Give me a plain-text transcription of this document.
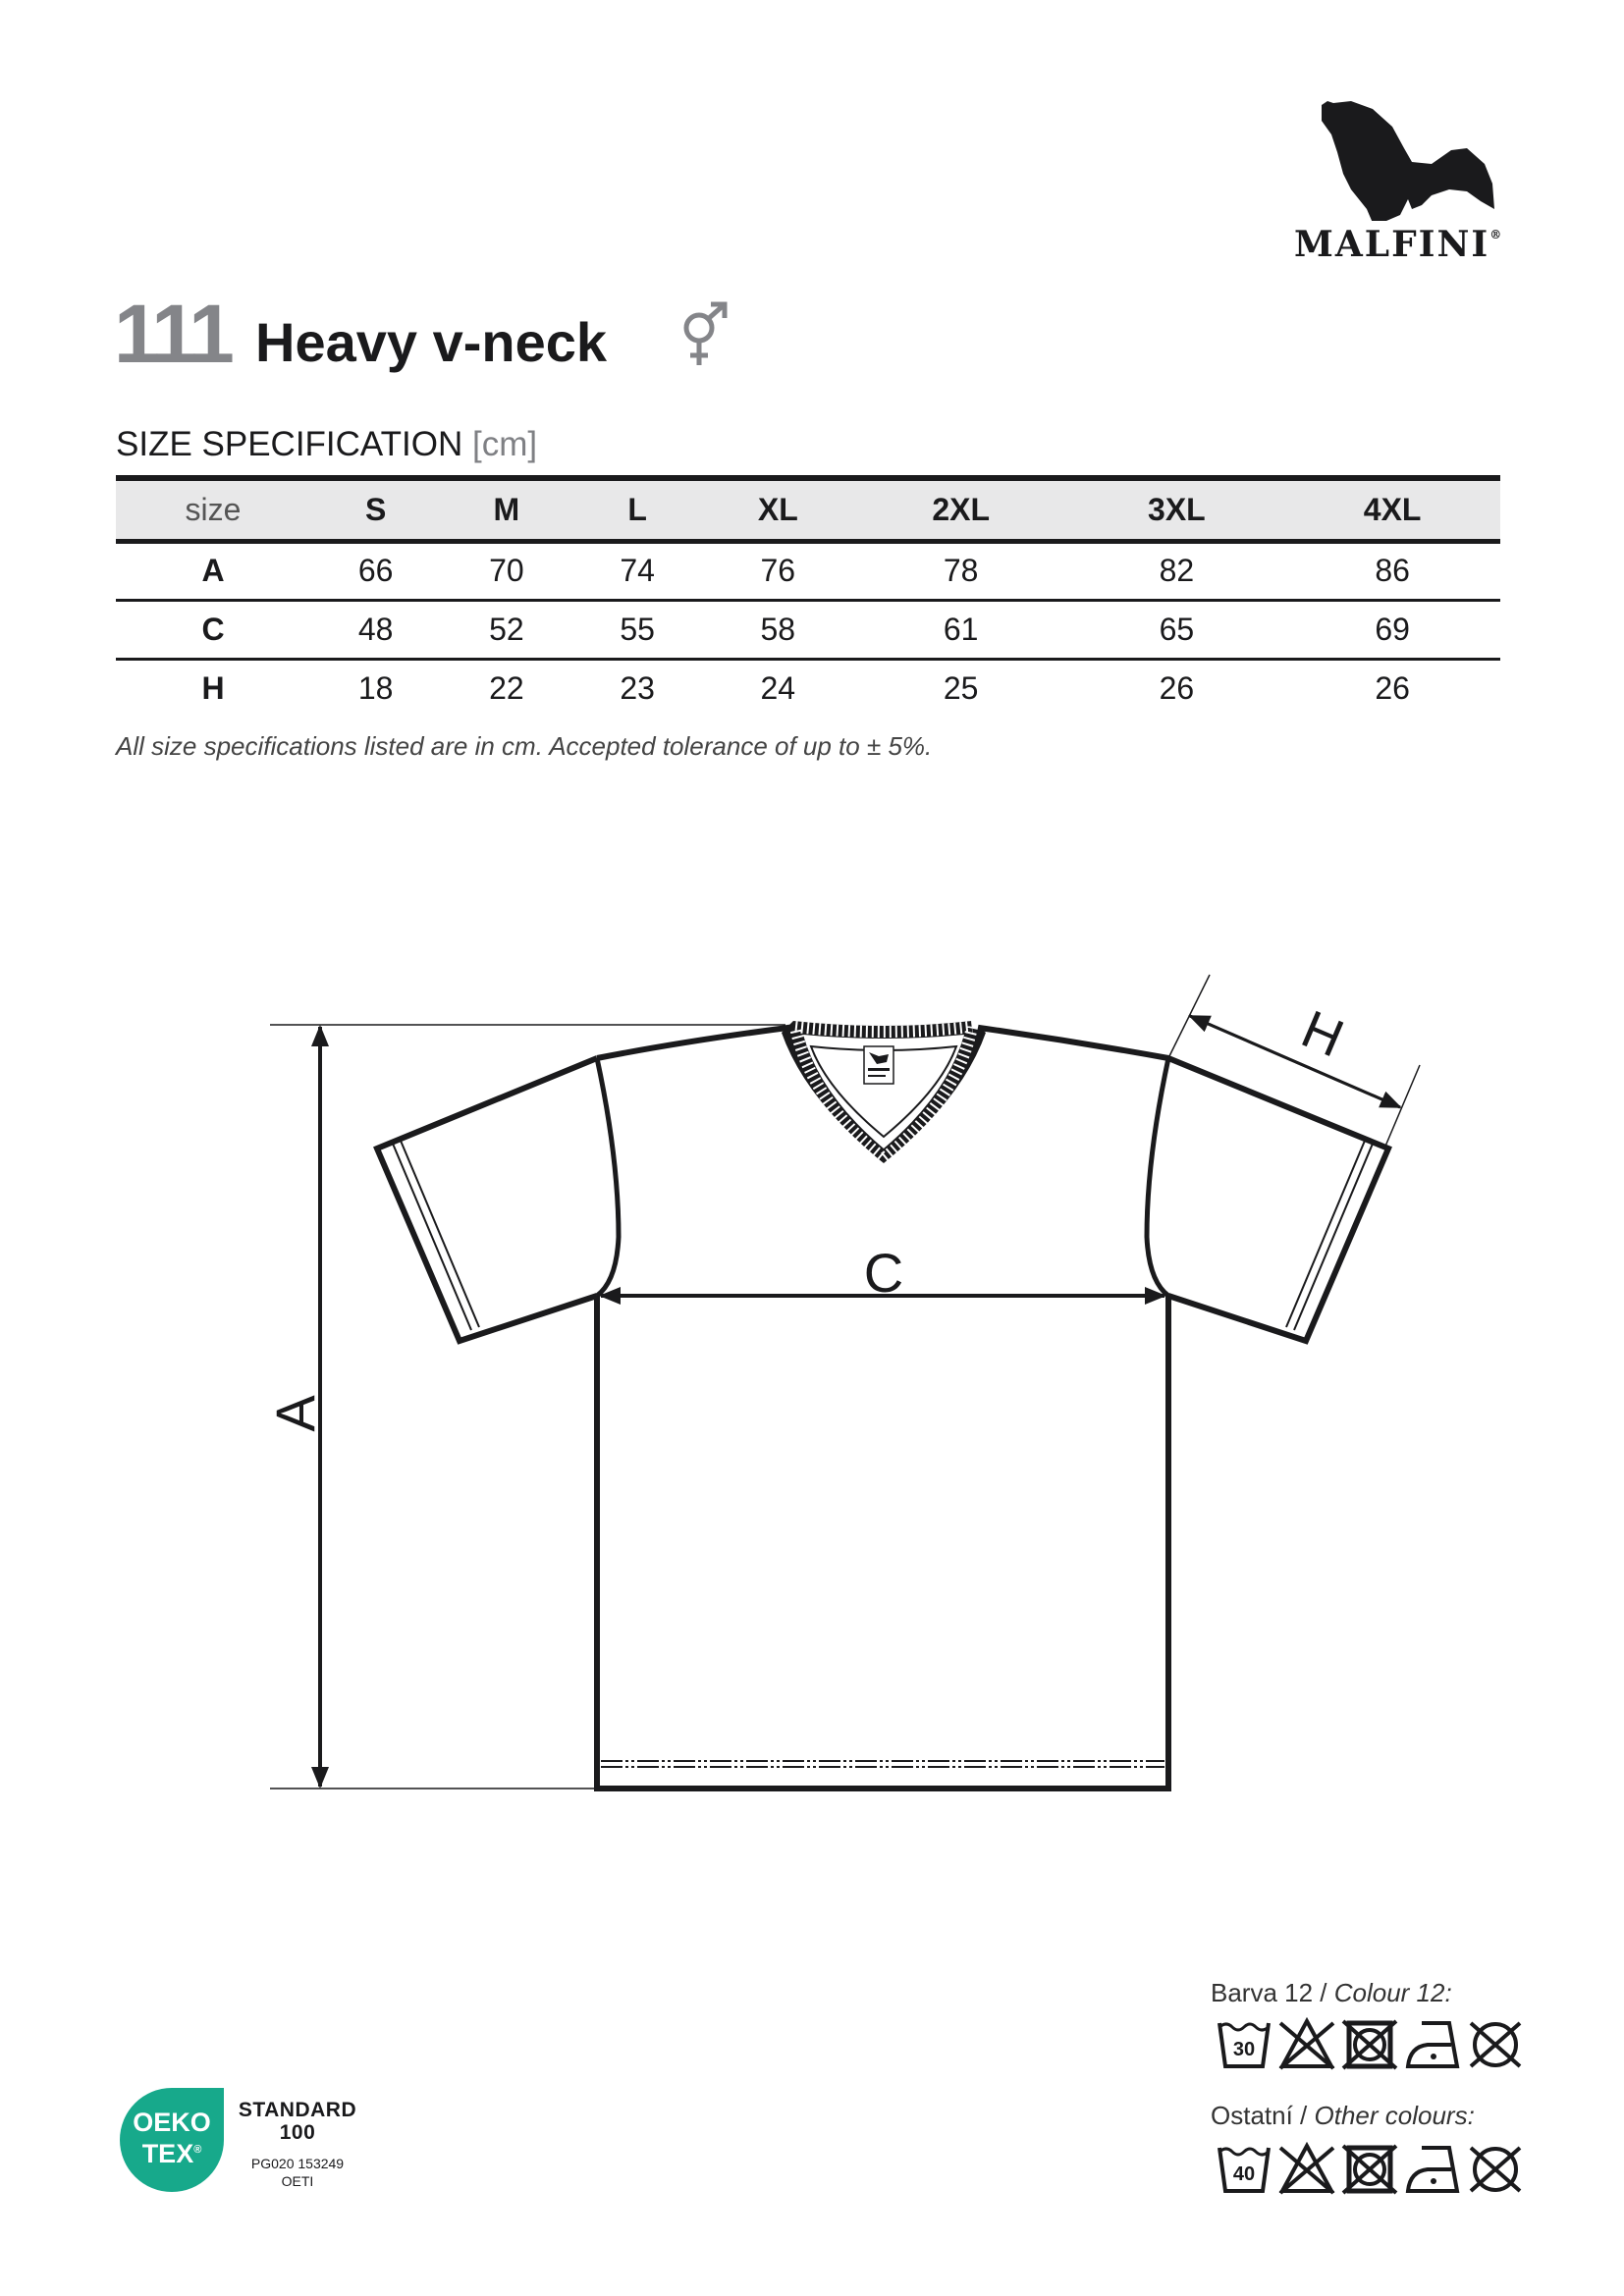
MALFINI®
111 Heavy v-neck
SIZE SPECIFICATION [cm]
size	S	M	L	XL	2XL	3XL	4XL
A	66	70	74	76	78	82	86
C	48	52	55	58	61	65	69
H	18	22	23	24	25	26	26
All size specifications listed are in cm. Accepted tolerance of up to ± 5%.
C
A
H
Barva 12 / Colour 12:
30
Ostatní / Other colours:
40
OEKO
TEX®
STANDARD
100
PG020 153249
OETI
